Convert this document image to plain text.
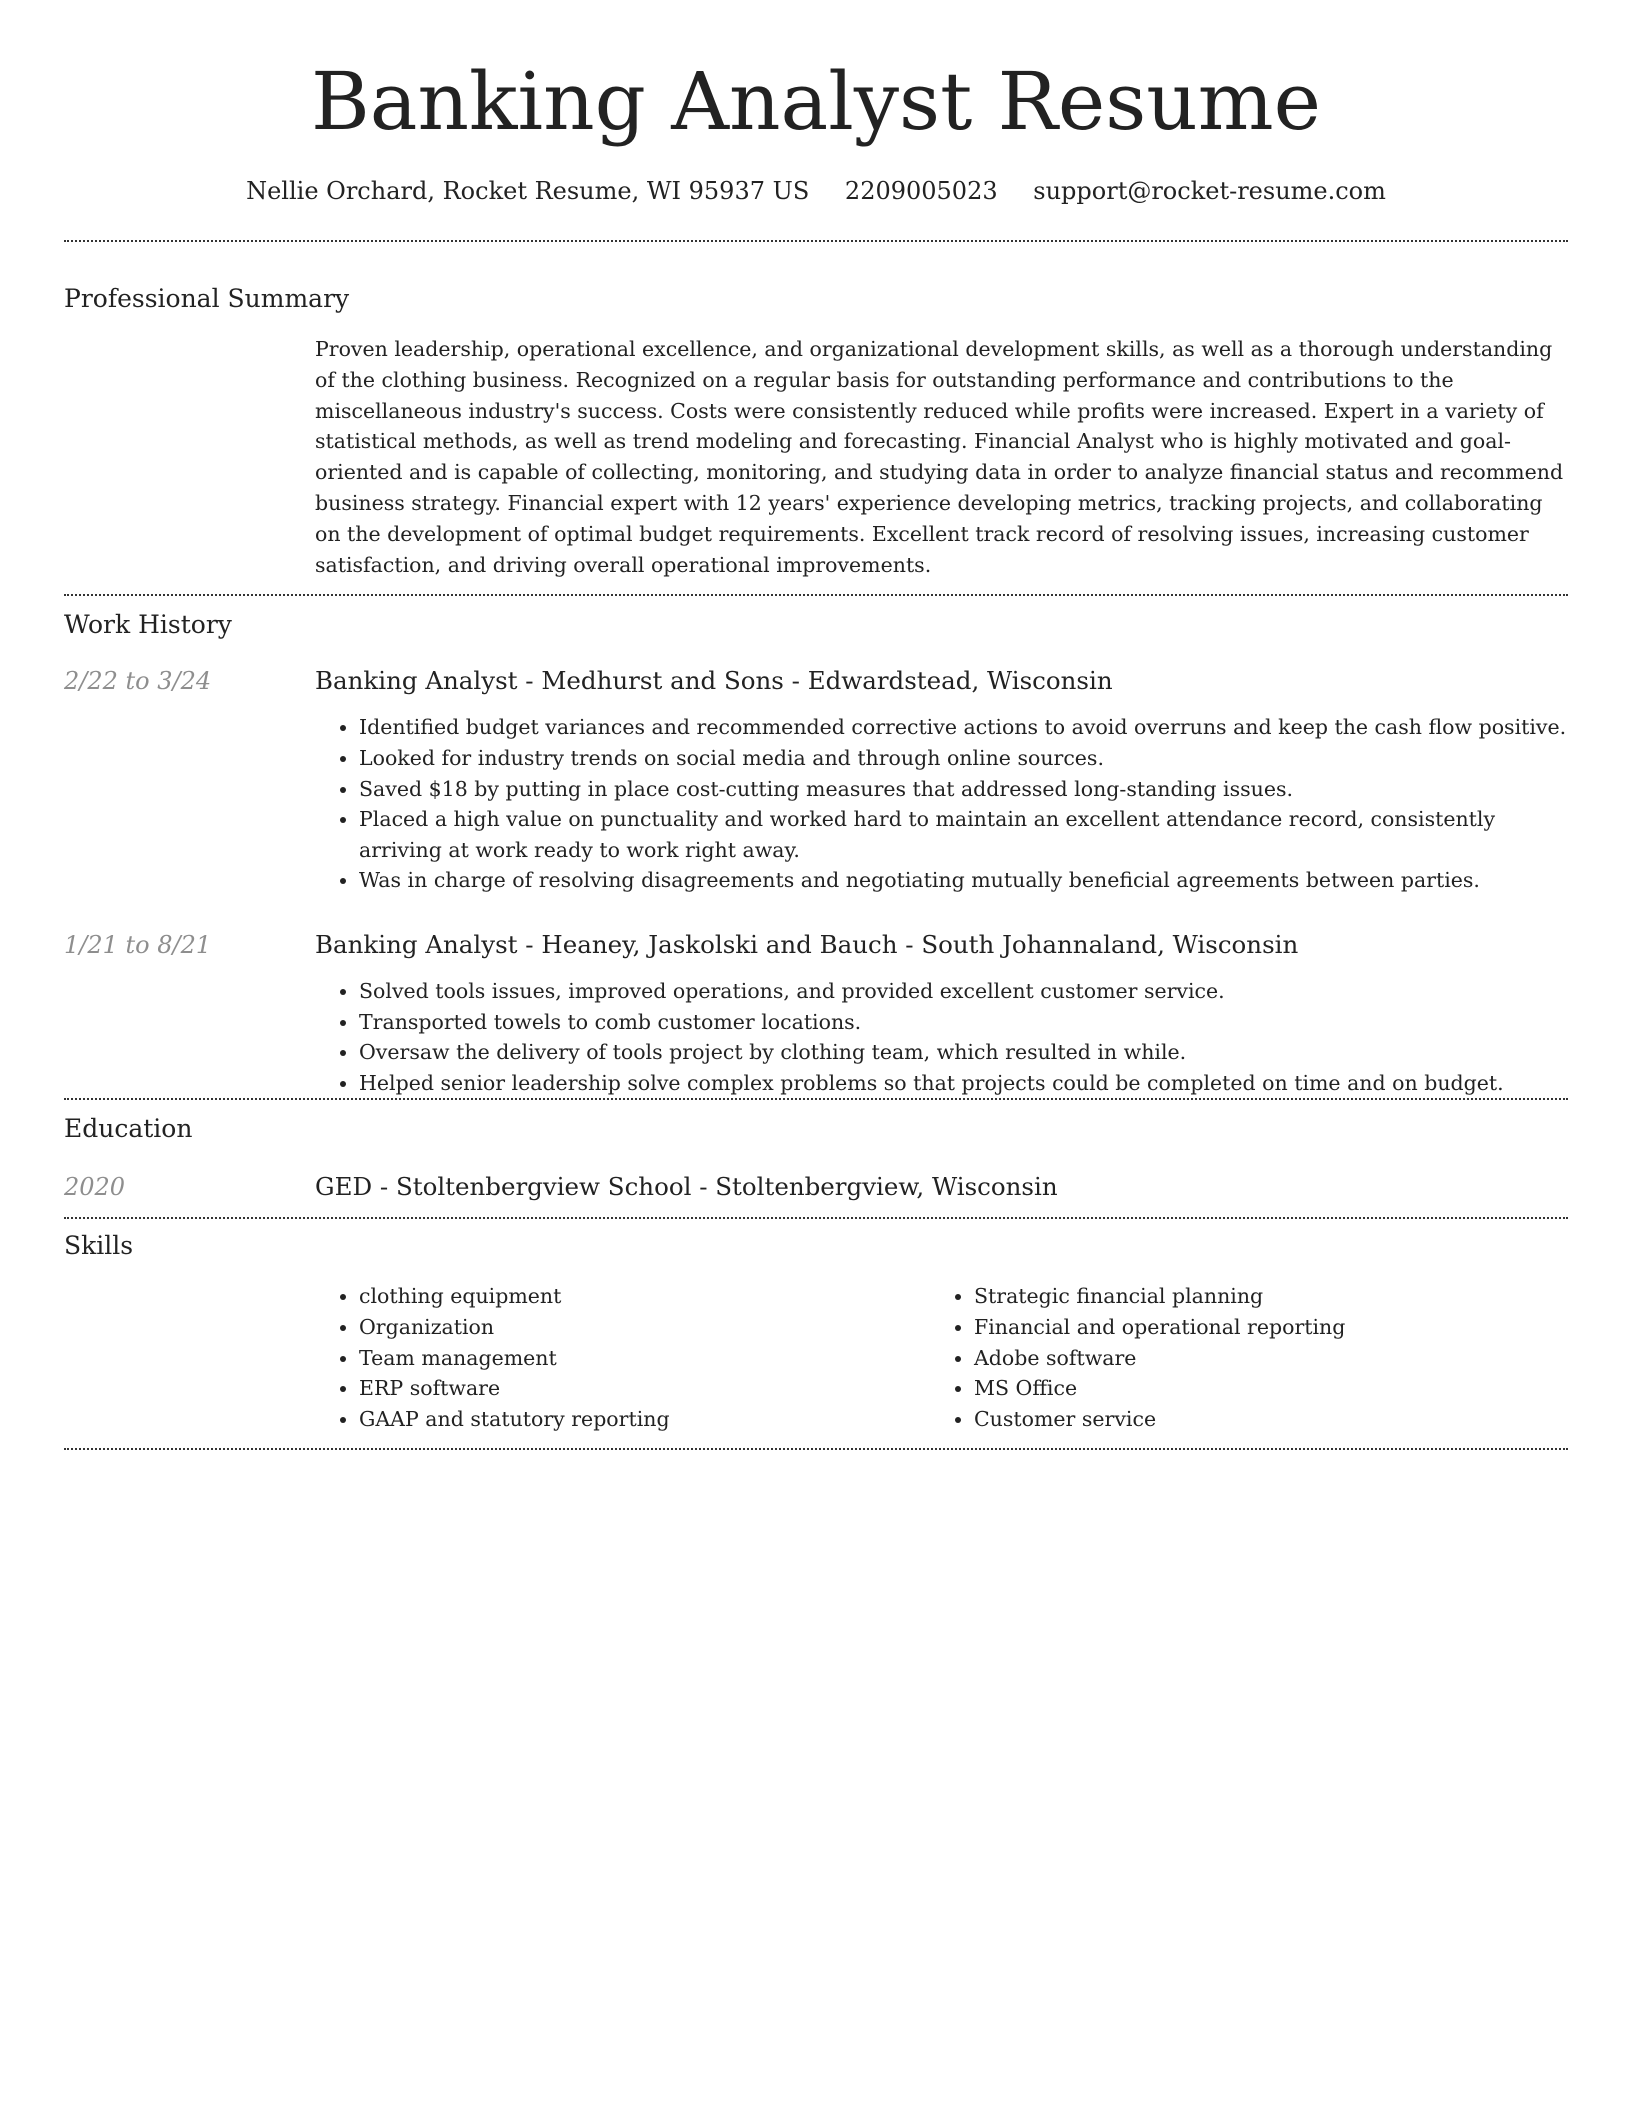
Banking Analyst Resume
Nellie Orchard, Rocket Resume, WI 95937 US 2209005023 support@rocket-resume.com
Professional Summary

Proven leadership, operational excellence, and organizational development skills, as well as a thorough understanding of the clothing business. Recognized on a regular basis for outstanding performance and contributions to the miscellaneous industry's success. Costs were consistently reduced while profits were increased. Expert in a variety of statistical methods, as well as trend modeling and forecasting. Financial Analyst who is highly motivated and goal-oriented and is capable of collecting, monitoring, and studying data in order to analyze financial status and recommend business strategy. Financial expert with 12 years' experience developing metrics, tracking projects, and collaborating on the development of optimal budget requirements. Excellent track record of resolving issues, increasing customer satisfaction, and driving overall operational improvements.

Work History
2/22 to 3/24	Banking Analyst - Medhurst and Sons - Edwardstead, Wisconsin
• Identified budget variances and recommended corrective actions to avoid overruns and keep the cash flow positive.
• Looked for industry trends on social media and through online sources.
• Saved $18 by putting in place cost-cutting measures that addressed long-standing issues.
• Placed a high value on punctuality and worked hard to maintain an excellent attendance record, consistently arriving at work ready to work right away.
• Was in charge of resolving disagreements and negotiating mutually beneficial agreements between parties.
1/21 to 8/21	Banking Analyst - Heaney, Jaskolski and Bauch - South Johannaland, Wisconsin
• Solved tools issues, improved operations, and provided excellent customer service.
• Transported towels to comb customer locations.
• Oversaw the delivery of tools project by clothing team, which resulted in while.
• Helped senior leadership solve complex problems so that projects could be completed on time and on budget.
Education
2020	GED - Stoltenbergview School - Stoltenbergview, Wisconsin
Skills
• clothing equipment
• Organization
• Team management
• ERP software
• GAAP and statutory reporting
• Strategic financial planning
• Financial and operational reporting
• Adobe software
• MS Office
• Customer service
